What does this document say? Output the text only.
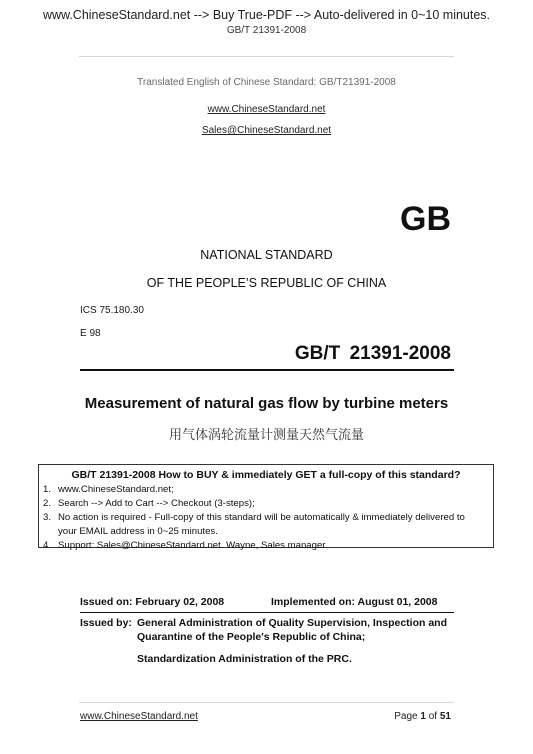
www.ChineseStandard.net --> Buy True-PDF --> Auto-delivered in 0~10 minutes.
GB/T 21391-2008
Translated English of Chinese Standard: GB/T21391-2008
www.ChineseStandard.net
Sales@ChineseStandard.net
GB
NATIONAL STANDARD
OF THE PEOPLE’S REPUBLIC OF CHINA
ICS 75.180.30
E 98
GB/T 21391-2008
Measurement of natural gas flow by turbine meters
用气体涡轮流量计测量天然气流量
GB/T 21391-2008 How to BUY & immediately GET a full-copy of this standard?
1. www.ChineseStandard.net;
2. Search --> Add to Cart --> Checkout (3-steps);
3. No action is required - Full-copy of this standard will be automatically & immediately delivered to
your EMAIL address in 0~25 minutes.
4. Support: Sales@ChineseStandard.net. Wayne, Sales manager
Issued on: February 02, 2008	Implemented on: August 01, 2008
Issued by: General Administration of Quality Supervision, Inspection and
Quarantine of the People's Republic of China;
Standardization Administration of the PRC.
www.ChineseStandard.net	Page 1 of 51
